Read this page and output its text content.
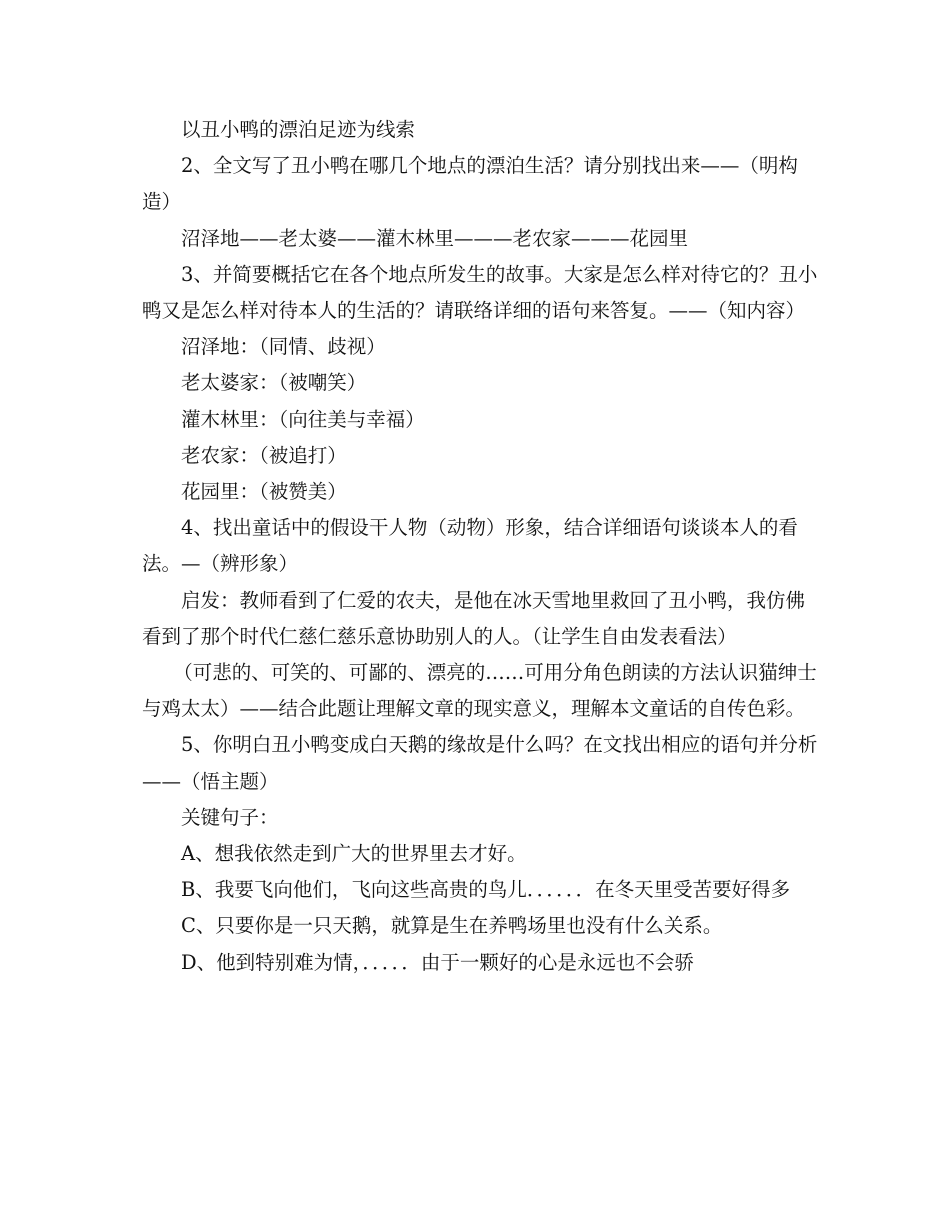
以丑小鸭的漂泊足迹为线索

2、全文写了丑小鸭在哪几个地点的漂泊生活？请分别找出来——（明构造）

沼泽地——老太婆——灌木林里———老农家———花园里

3、并简要概括它在各个地点所发生的故事。大家是怎么样对待它的？丑小鸭又是怎么样对待本人的生活的？请联络详细的语句来答复。——（知内容）

沼泽地：（同情、歧视）

老太婆家：（被嘲笑）

灌木林里：（向往美与幸福）

老农家：（被追打）

花园里：（被赞美）

4、找出童话中的假设干人物（动物）形象，结合详细语句谈谈本人的看法。—（辨形象）

启发：教师看到了仁爱的农夫，是他在冰天雪地里救回了丑小鸭，我仿佛看到了那个时代仁慈仁慈乐意协助别人的人。（让学生自由发表看法）

（可悲的、可笑的、可鄙的、漂亮的……可用分角色朗读的方法认识猫绅士与鸡太太）——结合此题让理解文章的现实意义，理解本文童话的自传色彩。

5、你明白丑小鸭变成白天鹅的缘故是什么吗？在文找出相应的语句并分析——（悟主题）

关键句子：

A、想我依然走到广大的世界里去才好。

B、我要飞向他们，飞向这些高贵的鸟儿．．．．．．在冬天里受苦要好得多

C、只要你是一只天鹅，就算是生在养鸭场里也没有什么关系。

D、他到特别难为情，．．．．．由于一颗好的心是永远也不会骄
